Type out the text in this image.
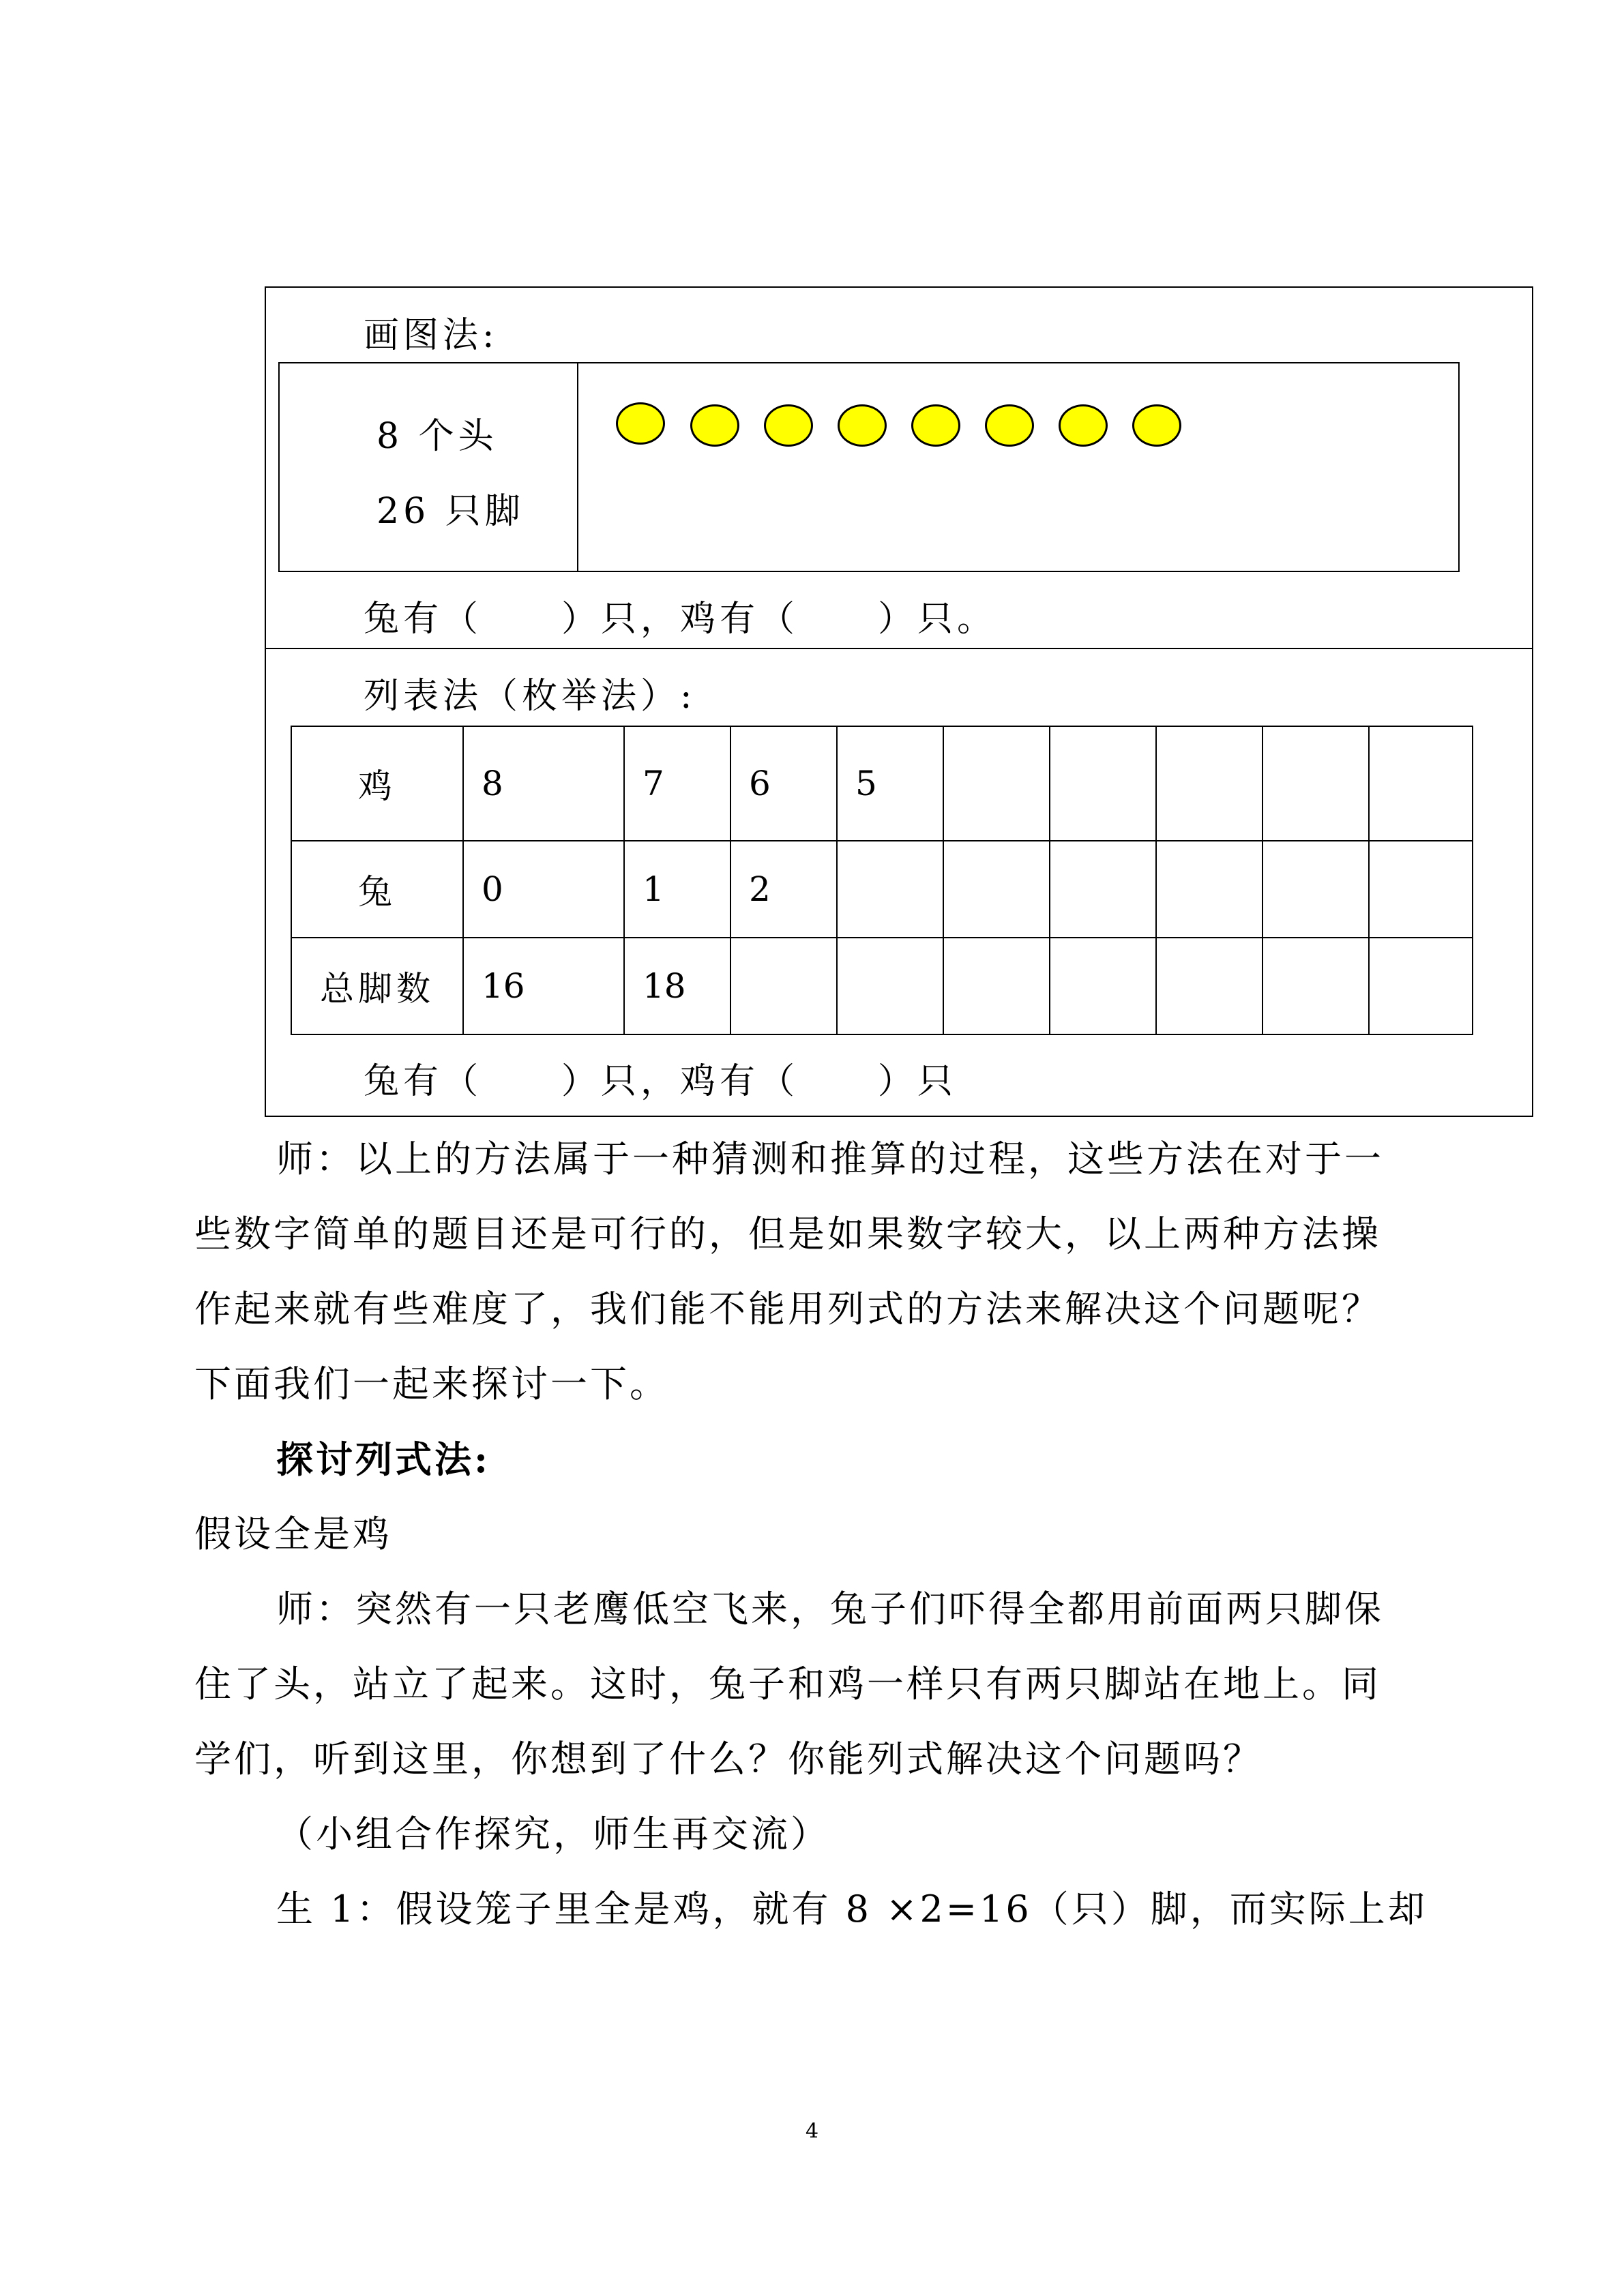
画图法:
8 个头
26 只脚
兔有（　　）只，鸡有（　　）只。
列表法（枚举法）:
鸡	8	7	6	5					
兔	0	1	2						
总脚数	16	18							
兔有（　　）只，鸡有（　　）只
师：以上的方法属于一种猜测和推算的过程，这些方法在对于一
些数字简单的题目还是可行的，但是如果数字较大，以上两种方法操
作起来就有些难度了，我们能不能用列式的方法来解决这个问题呢？
下面我们一起来探讨一下。
探讨列式法:
假设全是鸡
师：突然有一只老鹰低空飞来，兔子们吓得全都用前面两只脚保
住了头，站立了起来。这时，兔子和鸡一样只有两只脚站在地上。同
学们，听到这里，你想到了什么？你能列式解决这个问题吗？
（小组合作探究，师生再交流）
生 1：假设笼子里全是鸡，就有 8 ×2=16（只）脚，而实际上却
4
